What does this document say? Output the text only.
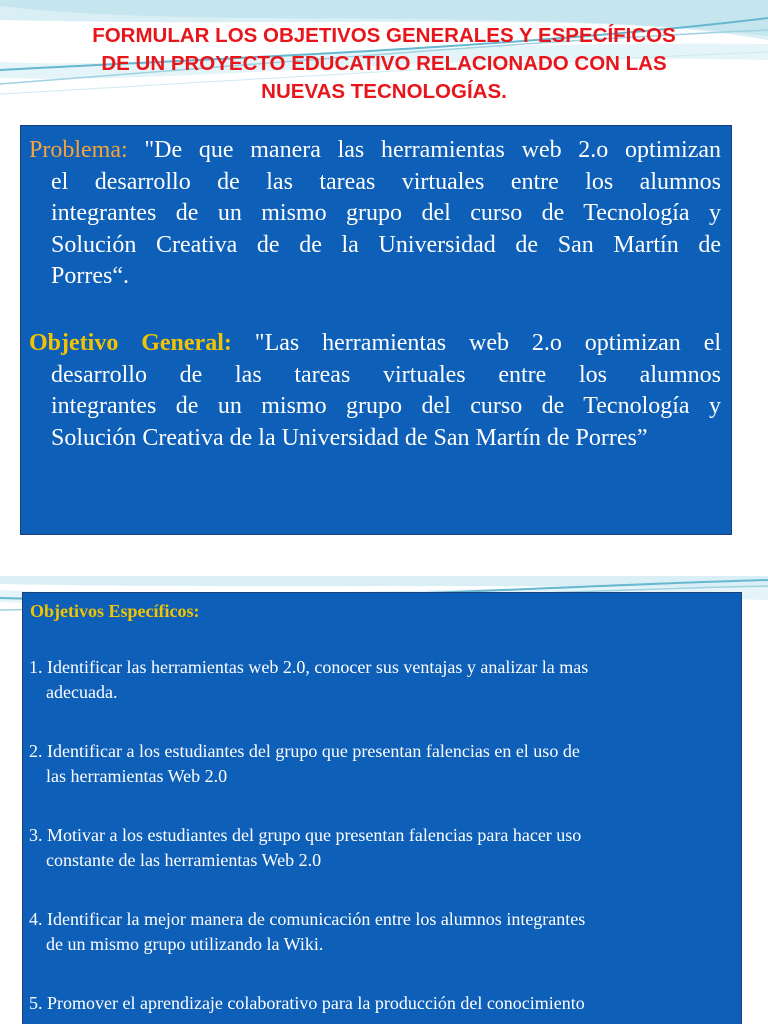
FORMULAR LOS OBJETIVOS GENERALES Y ESPECÍFICOS
DE UN PROYECTO EDUCATIVO RELACIONADO CON LAS
NUEVAS TECNOLOGÍAS.

Problema: "De que manera las herramientas web 2.o optimizan
el desarrollo de las tareas virtuales entre los alumnos
integrantes de un mismo grupo del curso de Tecnología y
Solución Creativa de de la Universidad de San Martín de
Porres“.

Objetivo General: "Las herramientas web 2.o optimizan el
desarrollo de las tareas virtuales entre los alumnos
integrantes de un mismo grupo del curso de Tecnología y
Solución Creativa de la Universidad de San Martín de Porres”

Objetivos Específicos:

1. Identificar las herramientas web 2.0, conocer sus ventajas y analizar la mas
adecuada.

2. Identificar a los estudiantes del grupo que presentan falencias en el uso de
las herramientas Web 2.0

3. Motivar a los estudiantes del grupo que presentan falencias para hacer uso
constante de las herramientas Web 2.0

4. Identificar la mejor manera de comunicación entre los alumnos integrantes
de un mismo grupo utilizando la Wiki.

5. Promover el aprendizaje colaborativo para la producción del conocimiento
